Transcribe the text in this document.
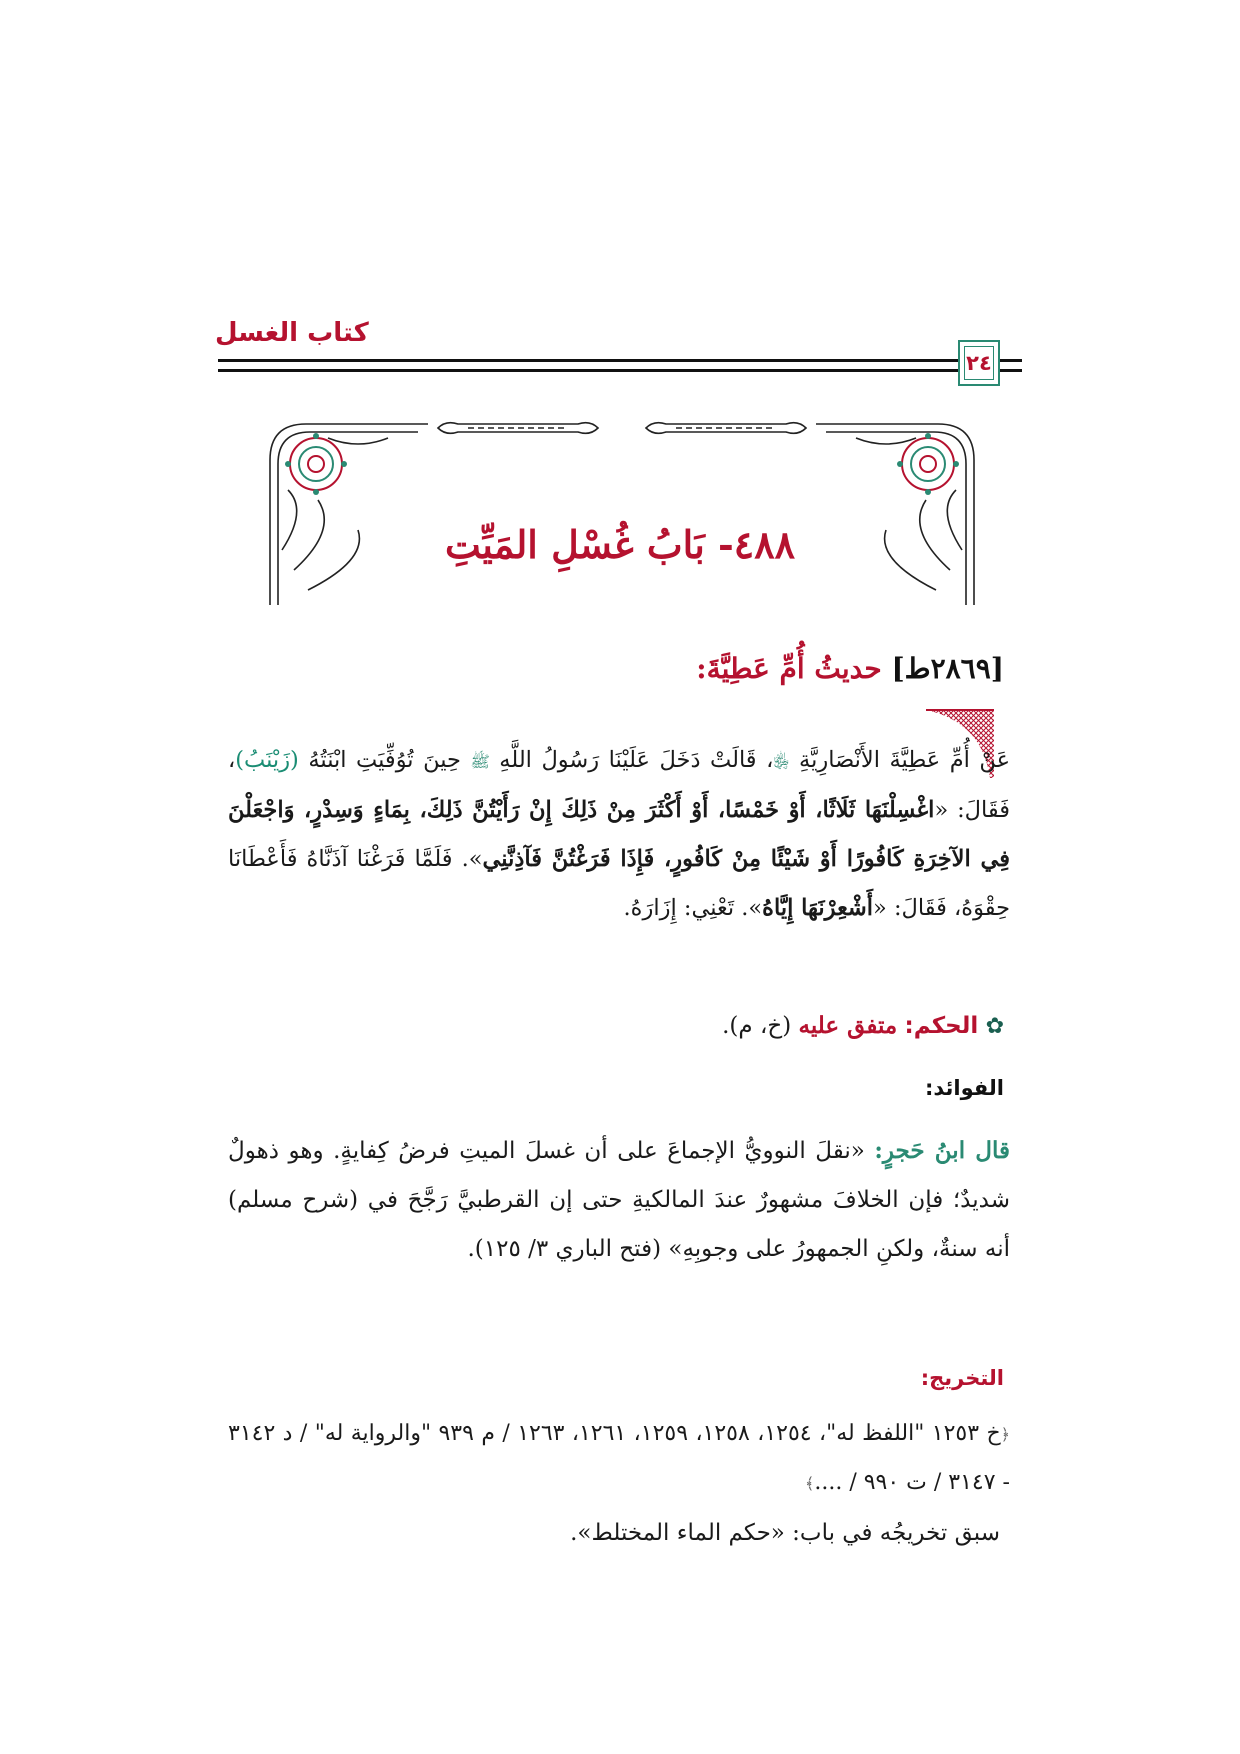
كتاب الغسل
٢٤
٤٨٨- بَابُ غُسْلِ المَيِّتِ
[٢٨٦٩ط] حديثُ أُمِّ عَطِيَّةَ:

عَنْ أُمِّ عَطِيَّةَ الأَنْصَارِيَّةِ ﵂، قَالَتْ دَخَلَ عَلَيْنَا رَسُولُ اللَّهِ ﷺ حِينَ تُوُفِّيَتِ ابْنَتُهُ (زَيْنَبُ)، فَقَالَ: «اغْسِلْنَهَا ثَلَاثًا، أَوْ خَمْسًا، أَوْ أَكْثَرَ مِنْ ذَلِكَ إِنْ رَأَيْتُنَّ ذَلِكَ، بِمَاءٍ وَسِدْرٍ، وَاجْعَلْنَ فِي الآخِرَةِ كَافُورًا أَوْ شَيْئًا مِنْ كَافُورٍ، فَإِذَا فَرَغْتُنَّ فَآذِنَّنِي». فَلَمَّا فَرَغْنَا آذَنَّاهُ فَأَعْطَانَا حِقْوَهُ، فَقَالَ: «أَشْعِرْنَهَا إِيَّاهُ». تَعْنِي: إِزَارَهُ.

✿ الحكم: متفق عليه (خ، م).
الفوائد:

قال ابنُ حَجرٍ: «نقلَ النوويُّ الإجماعَ على أن غسلَ الميتِ فرضُ كِفايةٍ. وهو ذهولٌ شديدٌ؛ فإن الخلافَ مشهورٌ عندَ المالكيةِ حتى إن القرطبيَّ رَجَّحَ في (شرح مسلم) أنه سنةٌ، ولكنِ الجمهورُ على وجوبِهِ» (فتح الباري ٣/ ١٢٥).

التخريج:

﴿خ ١٢٥٣ "اللفظ له"، ١٢٥٤، ١٢٥٨، ١٢٥٩، ١٢٦١، ١٢٦٣ / م ٩٣٩ "والرواية له" / د ٣١٤٢ - ٣١٤٧ / ت ٩٩٠ / ....﴾

سبق تخريجُه في باب: «حكم الماء المختلط».
